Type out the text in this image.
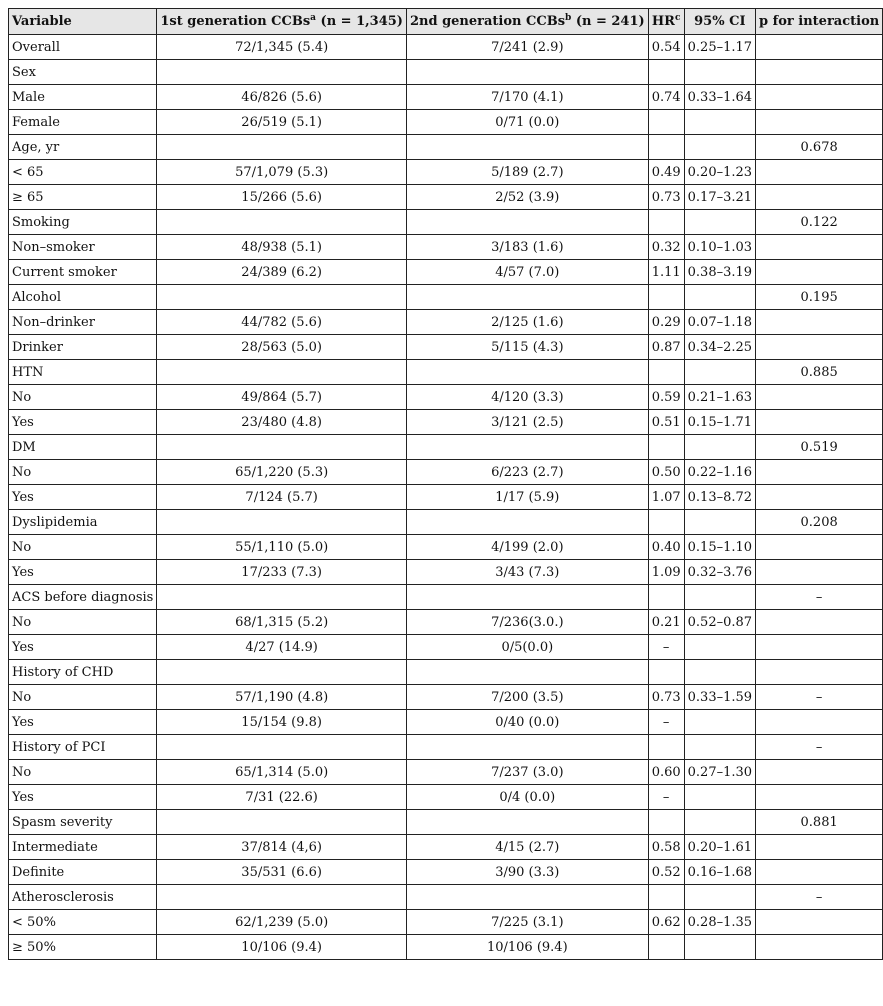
Variable	1st generation CCBs$^a$ (n = 1,345)	2nd generation CCBs$^b$ (n = 241)	$HR^c$	95% CI	p for interaction
Overall	72/1,345 (5.4)	7/241 (2.9)	0.54	0.25–1.17	
Sex					
Male	46/826 (5.6)	7/170 (4.1)	0.74	0.33–1.64	
Female	26/519 (5.1)	0/71 (0.0)			
Age, yr					0.678
< 65	57/1,079 (5.3)	5/189 (2.7)	0.49	0.20–1.23	
≥ 65	15/266 (5.6)	2/52 (3.9)	0.73	0.17–3.21	
Smoking					0.122
Non–smoker	48/938 (5.1)	3/183 (1.6)	0.32	0.10–1.03	
Current smoker	24/389 (6.2)	4/57 (7.0)	1.11	0.38–3.19	
Alcohol					0.195
Non–drinker	44/782 (5.6)	2/125 (1.6)	0.29	0.07–1.18	
Drinker	28/563 (5.0)	5/115 (4.3)	0.87	0.34–2.25	
HTN					0.885
No	49/864 (5.7)	4/120 (3.3)	0.59	0.21–1.63	
Yes	23/480 (4.8)	3/121 (2.5)	0.51	0.15–1.71	
DM					0.519
No	65/1,220 (5.3)	6/223 (2.7)	0.50	0.22–1.16	
Yes	7/124 (5.7)	1/17 (5.9)	1.07	0.13–8.72	
Dyslipidemia					0.208
No	55/1,110 (5.0)	4/199 (2.0)	0.40	0.15–1.10	
Yes	17/233 (7.3)	3/43 (7.3)	1.09	0.32–3.76	
ACS before diagnosis					–
No	68/1,315 (5.2)	7/236(3.0.)	0.21	0.52–0.87	
Yes	4/27 (14.9)	0/5(0.0)	–		
History of CHD					
No	57/1,190 (4.8)	7/200 (3.5)	0.73	0.33–1.59	–
Yes	15/154 (9.8)	0/40 (0.0)	–		
History of PCI					–
No	65/1,314 (5.0)	7/237 (3.0)	0.60	0.27–1.30	
Yes	7/31 (22.6)	0/4 (0.0)	–		
Spasm severity					0.881
Intermediate	37/814 (4,6)	4/15 (2.7)	0.58	0.20–1.61	
Definite	35/531 (6.6)	3/90 (3.3)	0.52	0.16–1.68	
Atherosclerosis					–
< 50%	62/1,239 (5.0)	7/225 (3.1)	0.62	0.28–1.35	
≥ 50%	10/106 (9.4)	10/106 (9.4)			
